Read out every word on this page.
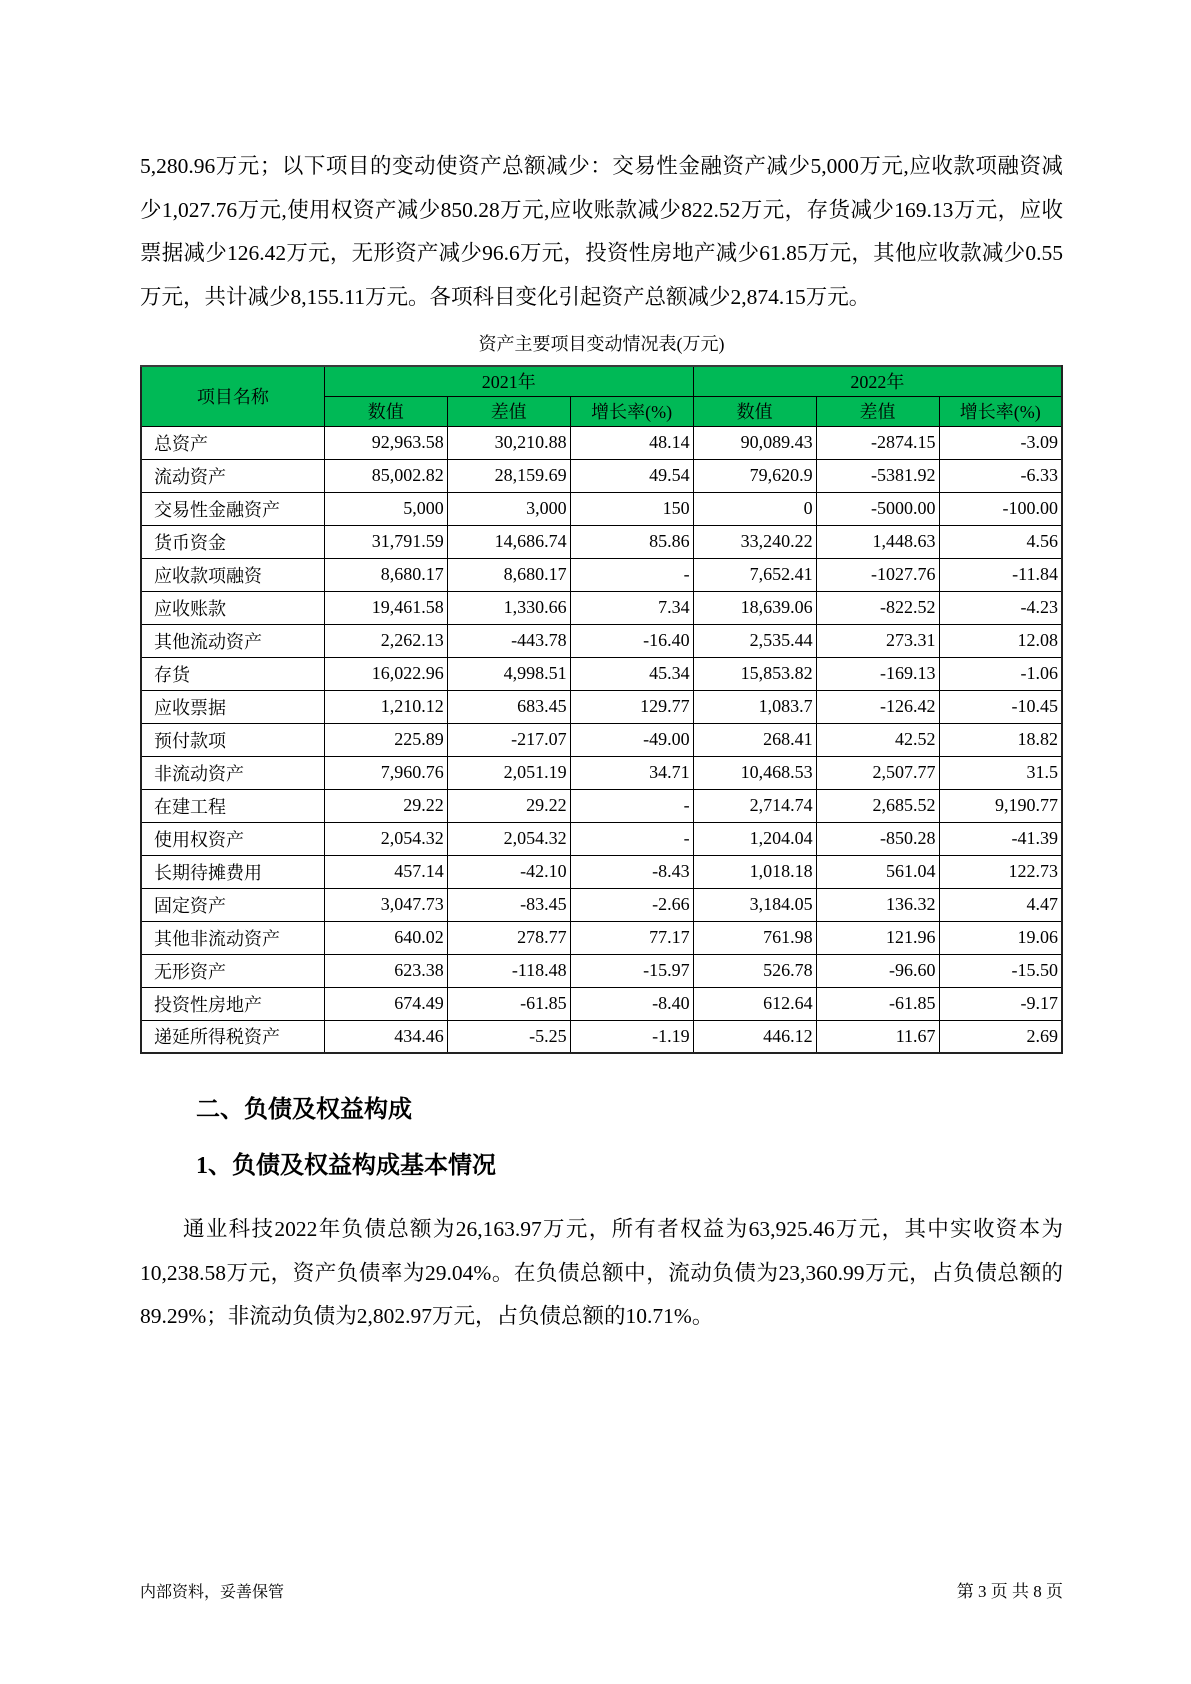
5,280.96万元；以下项目的变动使资产总额减少：交易性金融资产减少5,000万元,应收款项融资减少1,027.76万元,使用权资产减少850.28万元,应收账款减少822.52万元，存货减少169.13万元，应收票据减少126.42万元，无形资产减少96.6万元，投资性房地产减少61.85万元，其他应收款减少0.55万元，共计减少8,155.11万元。各项科目变化引起资产总额减少2,874.15万元。

资产主要项目变动情况表(万元)
项目名称	2021年			2022年		
	数值	差值	增长率(%)	数值	差值	增长率(%)
总资产	92,963.58	30,210.88	48.14	90,089.43	-2874.15	-3.09
流动资产	85,002.82	28,159.69	49.54	79,620.9	-5381.92	-6.33
交易性金融资产	5,000	3,000	150	0	-5000.00	-100.00
货币资金	31,791.59	14,686.74	85.86	33,240.22	1,448.63	4.56
应收款项融资	8,680.17	8,680.17	-	7,652.41	-1027.76	-11.84
应收账款	19,461.58	1,330.66	7.34	18,639.06	-822.52	-4.23
其他流动资产	2,262.13	-443.78	-16.40	2,535.44	273.31	12.08
存货	16,022.96	4,998.51	45.34	15,853.82	-169.13	-1.06
应收票据	1,210.12	683.45	129.77	1,083.7	-126.42	-10.45
预付款项	225.89	-217.07	-49.00	268.41	42.52	18.82
非流动资产	7,960.76	2,051.19	34.71	10,468.53	2,507.77	31.5
在建工程	29.22	29.22	-	2,714.74	2,685.52	9,190.77
使用权资产	2,054.32	2,054.32	-	1,204.04	-850.28	-41.39
长期待摊费用	457.14	-42.10	-8.43	1,018.18	561.04	122.73
固定资产	3,047.73	-83.45	-2.66	3,184.05	136.32	4.47
其他非流动资产	640.02	278.77	77.17	761.98	121.96	19.06
无形资产	623.38	-118.48	-15.97	526.78	-96.60	-15.50
投资性房地产	674.49	-61.85	-8.40	612.64	-61.85	-9.17
递延所得税资产	434.46	-5.25	-1.19	446.12	11.67	2.69
二、负债及权益构成
1、负债及权益构成基本情况

通业科技2022年负债总额为26,163.97万元，所有者权益为63,925.46万元，其中实收资本为10,238.58万元，资产负债率为29.04%。在负债总额中，流动负债为23,360.99万元，占负债总额的89.29%；非流动负债为2,802.97万元，占负债总额的10.71%。

内部资料，妥善保管	第 3 页 共 8 页
